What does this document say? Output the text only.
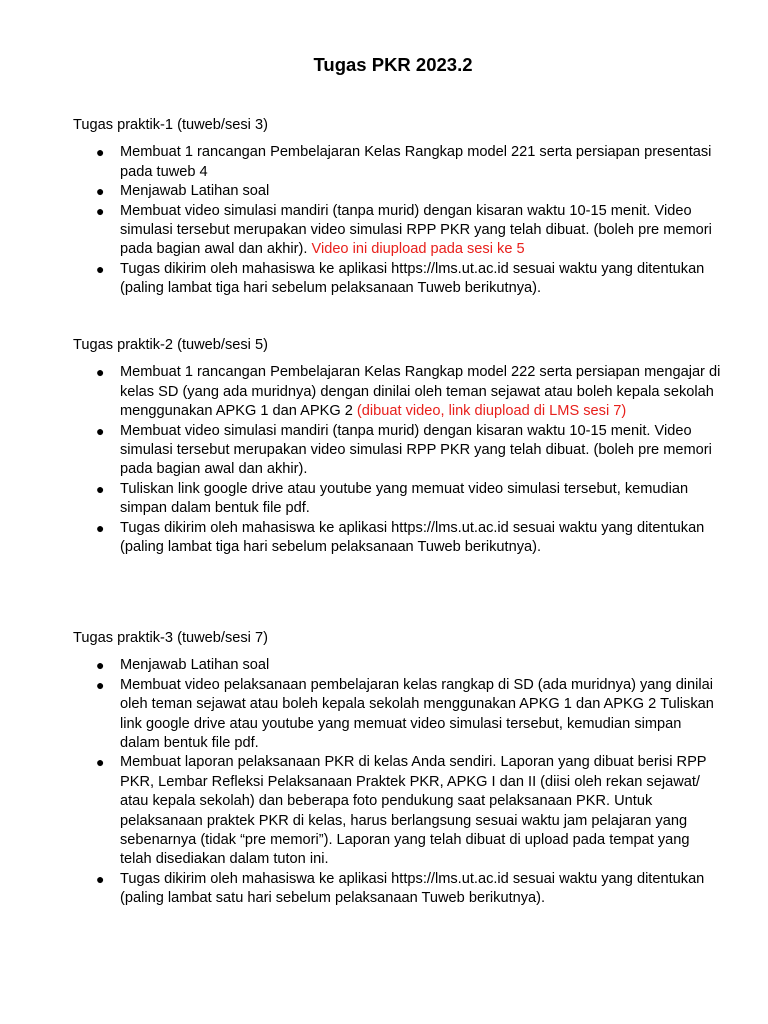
Tugas PKR 2023.2

Tugas praktik-1 (tuweb/sesi 3)

● Membuat 1 rancangan Pembelajaran Kelas Rangkap model 221 serta persiapan presentasi pada tuweb 4
● Menjawab Latihan soal
● Membuat video simulasi mandiri (tanpa murid) dengan kisaran waktu 10-15 menit. Video simulasi tersebut merupakan video simulasi RPP PKR yang telah dibuat. (boleh pre memori pada bagian awal dan akhir). Video ini diupload pada sesi ke 5
● Tugas dikirim oleh mahasiswa ke aplikasi https://lms.ut.ac.id sesuai waktu yang ditentukan (paling lambat tiga hari sebelum pelaksanaan Tuweb berikutnya).

Tugas praktik-2 (tuweb/sesi 5)

● Membuat 1 rancangan Pembelajaran Kelas Rangkap model 222 serta persiapan mengajar di kelas SD (yang ada muridnya) dengan dinilai oleh teman sejawat atau boleh kepala sekolah menggunakan APKG 1 dan APKG 2 (dibuat video, link diupload di LMS sesi 7)
● Membuat video simulasi mandiri (tanpa murid) dengan kisaran waktu 10-15 menit. Video simulasi tersebut merupakan video simulasi RPP PKR yang telah dibuat. (boleh pre memori pada bagian awal dan akhir).
● Tuliskan link google drive atau youtube yang memuat video simulasi tersebut, kemudian simpan dalam bentuk file pdf.
● Tugas dikirim oleh mahasiswa ke aplikasi https://lms.ut.ac.id sesuai waktu yang ditentukan
(paling lambat tiga hari sebelum pelaksanaan Tuweb berikutnya).

Tugas praktik-3 (tuweb/sesi 7)

● Menjawab Latihan soal
● Membuat video pelaksanaan pembelajaran kelas rangkap di SD (ada muridnya) yang dinilai oleh teman sejawat atau boleh kepala sekolah menggunakan APKG 1 dan APKG 2 Tuliskan link google drive atau youtube yang memuat video simulasi tersebut, kemudian simpan dalam bentuk file pdf.
● Membuat laporan pelaksanaan PKR di kelas Anda sendiri. Laporan yang dibuat berisi RPP PKR, Lembar Refleksi Pelaksanaan Praktek PKR, APKG I dan II (diisi oleh rekan sejawat/ atau kepala sekolah) dan beberapa foto pendukung saat pelaksanaan PKR. Untuk pelaksanaan praktek PKR di kelas, harus berlangsung sesuai waktu jam pelajaran yang sebenarnya (tidak “pre memori”). Laporan yang telah dibuat di upload pada tempat yang telah disediakan dalam tuton ini.
● Tugas dikirim oleh mahasiswa ke aplikasi https://lms.ut.ac.id sesuai waktu yang ditentukan (paling lambat satu hari sebelum pelaksanaan Tuweb berikutnya).
